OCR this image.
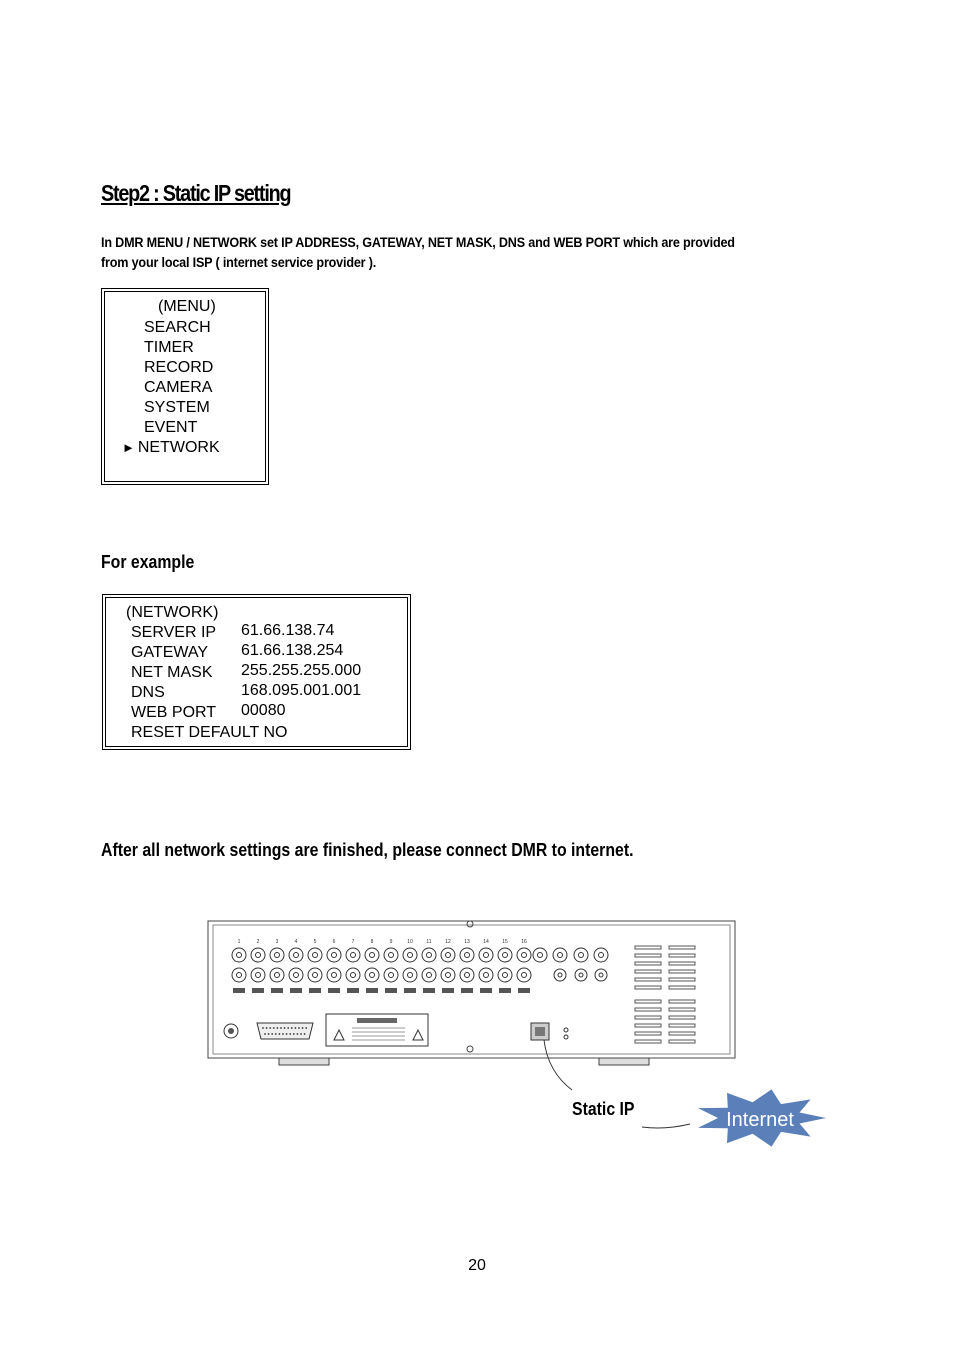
Step2 : Static IP setting
In DMR MENU / NETWORK set IP ADDRESS, GATEWAY, NET MASK, DNS and WEB PORT which are provided
from your local ISP ( internet service provider ).
(MENU)
SEARCH
TIMER
RECORD
CAMERA
SYSTEM
EVENT
► NETWORK
For example
(NETWORK)
SERVER IP 61.66.138.74
GATEWAY 61.66.138.254
NET MASK 255.255.255.000
DNS	168.095.001.001
WEB PORT 00080
RESET DEFAULT NO
After all network settings are finished, please connect DMR to internet.
1	2	3	4	5	6	7	8	9	10	11	12	13	14	15	16
Static IP	Internet
20
